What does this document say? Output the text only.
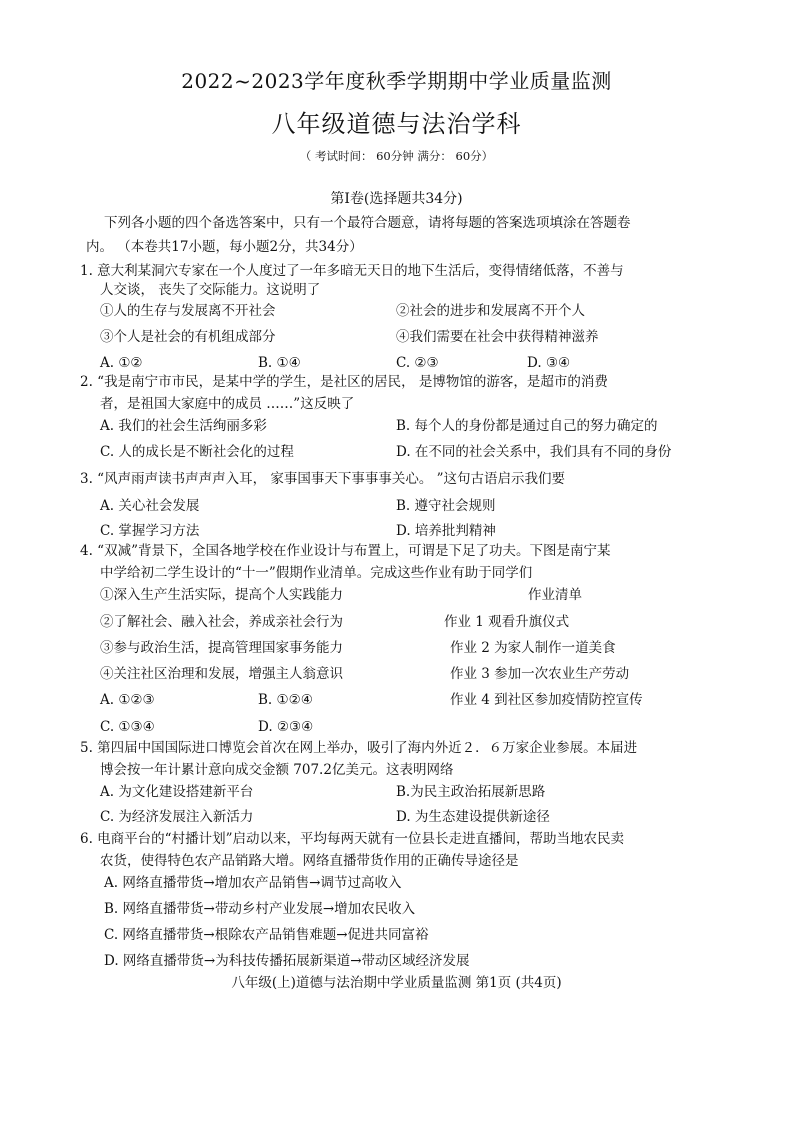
2022~2023学年度秋季学期期中学业质量监测
八年级道德与法治学科
（ 考试时间： 60分钟 满分： 60分）
第Ⅰ卷(选择题共34分)
下列各小题的四个备选答案中，只有一个最符合题意，请将每题的答案选项填涂在答题卷
内。 （本卷共17小题，每小题2分，共34分）
1. 意大利某洞穴专家在一个人度过了一年多暗无天日的地下生活后，变得情绪低落，不善与
人交谈， 丧失了交际能力。这说明了
①人的生存与发展离不开社会	②社会的进步和发展离不开个人
③个人是社会的有机组成部分	④我们需要在社会中获得精神滋养
A. ①②	B. ①④	C. ②③	D. ③④
2. “我是南宁市市民，是某中学的学生，是社区的居民， 是博物馆的游客，是超市的消费
者，是祖国大家庭中的成员 ……”这反映了
A. 我们的社会生活绚丽多彩	B. 每个人的身份都是通过自己的努力确定的
C. 人的成长是不断社会化的过程	D. 在不同的社会关系中，我们具有不同的身份
3. “风声雨声读书声声声入耳， 家事国事天下事事事关心。 ”这句古语启示我们要
A. 关心社会发展	B. 遵守社会规则
C. 掌握学习方法	D. 培养批判精神
4. “双减”背景下，全国各地学校在作业设计与布置上，可谓是下足了功夫。下图是南宁某
中学给初二学生设计的“十一”假期作业清单。完成这些作业有助于同学们
①深入生产生活实际，提高个人实践能力
②了解社会、融入社会，养成亲社会行为
③参与政治生活，提高管理国家事务能力
④关注社区治理和发展，增强主人翁意识
A. ①②③	B. ①②④
C. ①③④	D. ②③④
作业清单
作业 1 观看升旗仪式
作业 2 为家人制作一道美食
作业 3 参加一次农业生产劳动
作业 4 到社区参加疫情防控宣传
5. 第四届中国国际进口博览会首次在网上举办，吸引了海内外近２．６万家企业参展。本届进
博会按一年计累计意向成交金额 707.2亿美元。这表明网络
A. 为文化建设搭建新平台	B.为民主政治拓展新思路
C. 为经济发展注入新活力	D. 为生态建设提供新途径
6. 电商平台的“村播计划”启动以来，平均每两天就有一位县长走进直播间，帮助当地农民卖
农货，使得特色农产品销路大增。网络直播带货作用的正确传导途径是
A. 网络直播带货→增加农产品销售→调节过高收入
B. 网络直播带货→带动乡村产业发展→增加农民收入
C. 网络直播带货→根除农产品销售难题→促进共同富裕
D. 网络直播带货→为科技传播拓展新渠道→带动区域经济发展
八年级(上)道德与法治期中学业质量监测 第1页 (共4页)
